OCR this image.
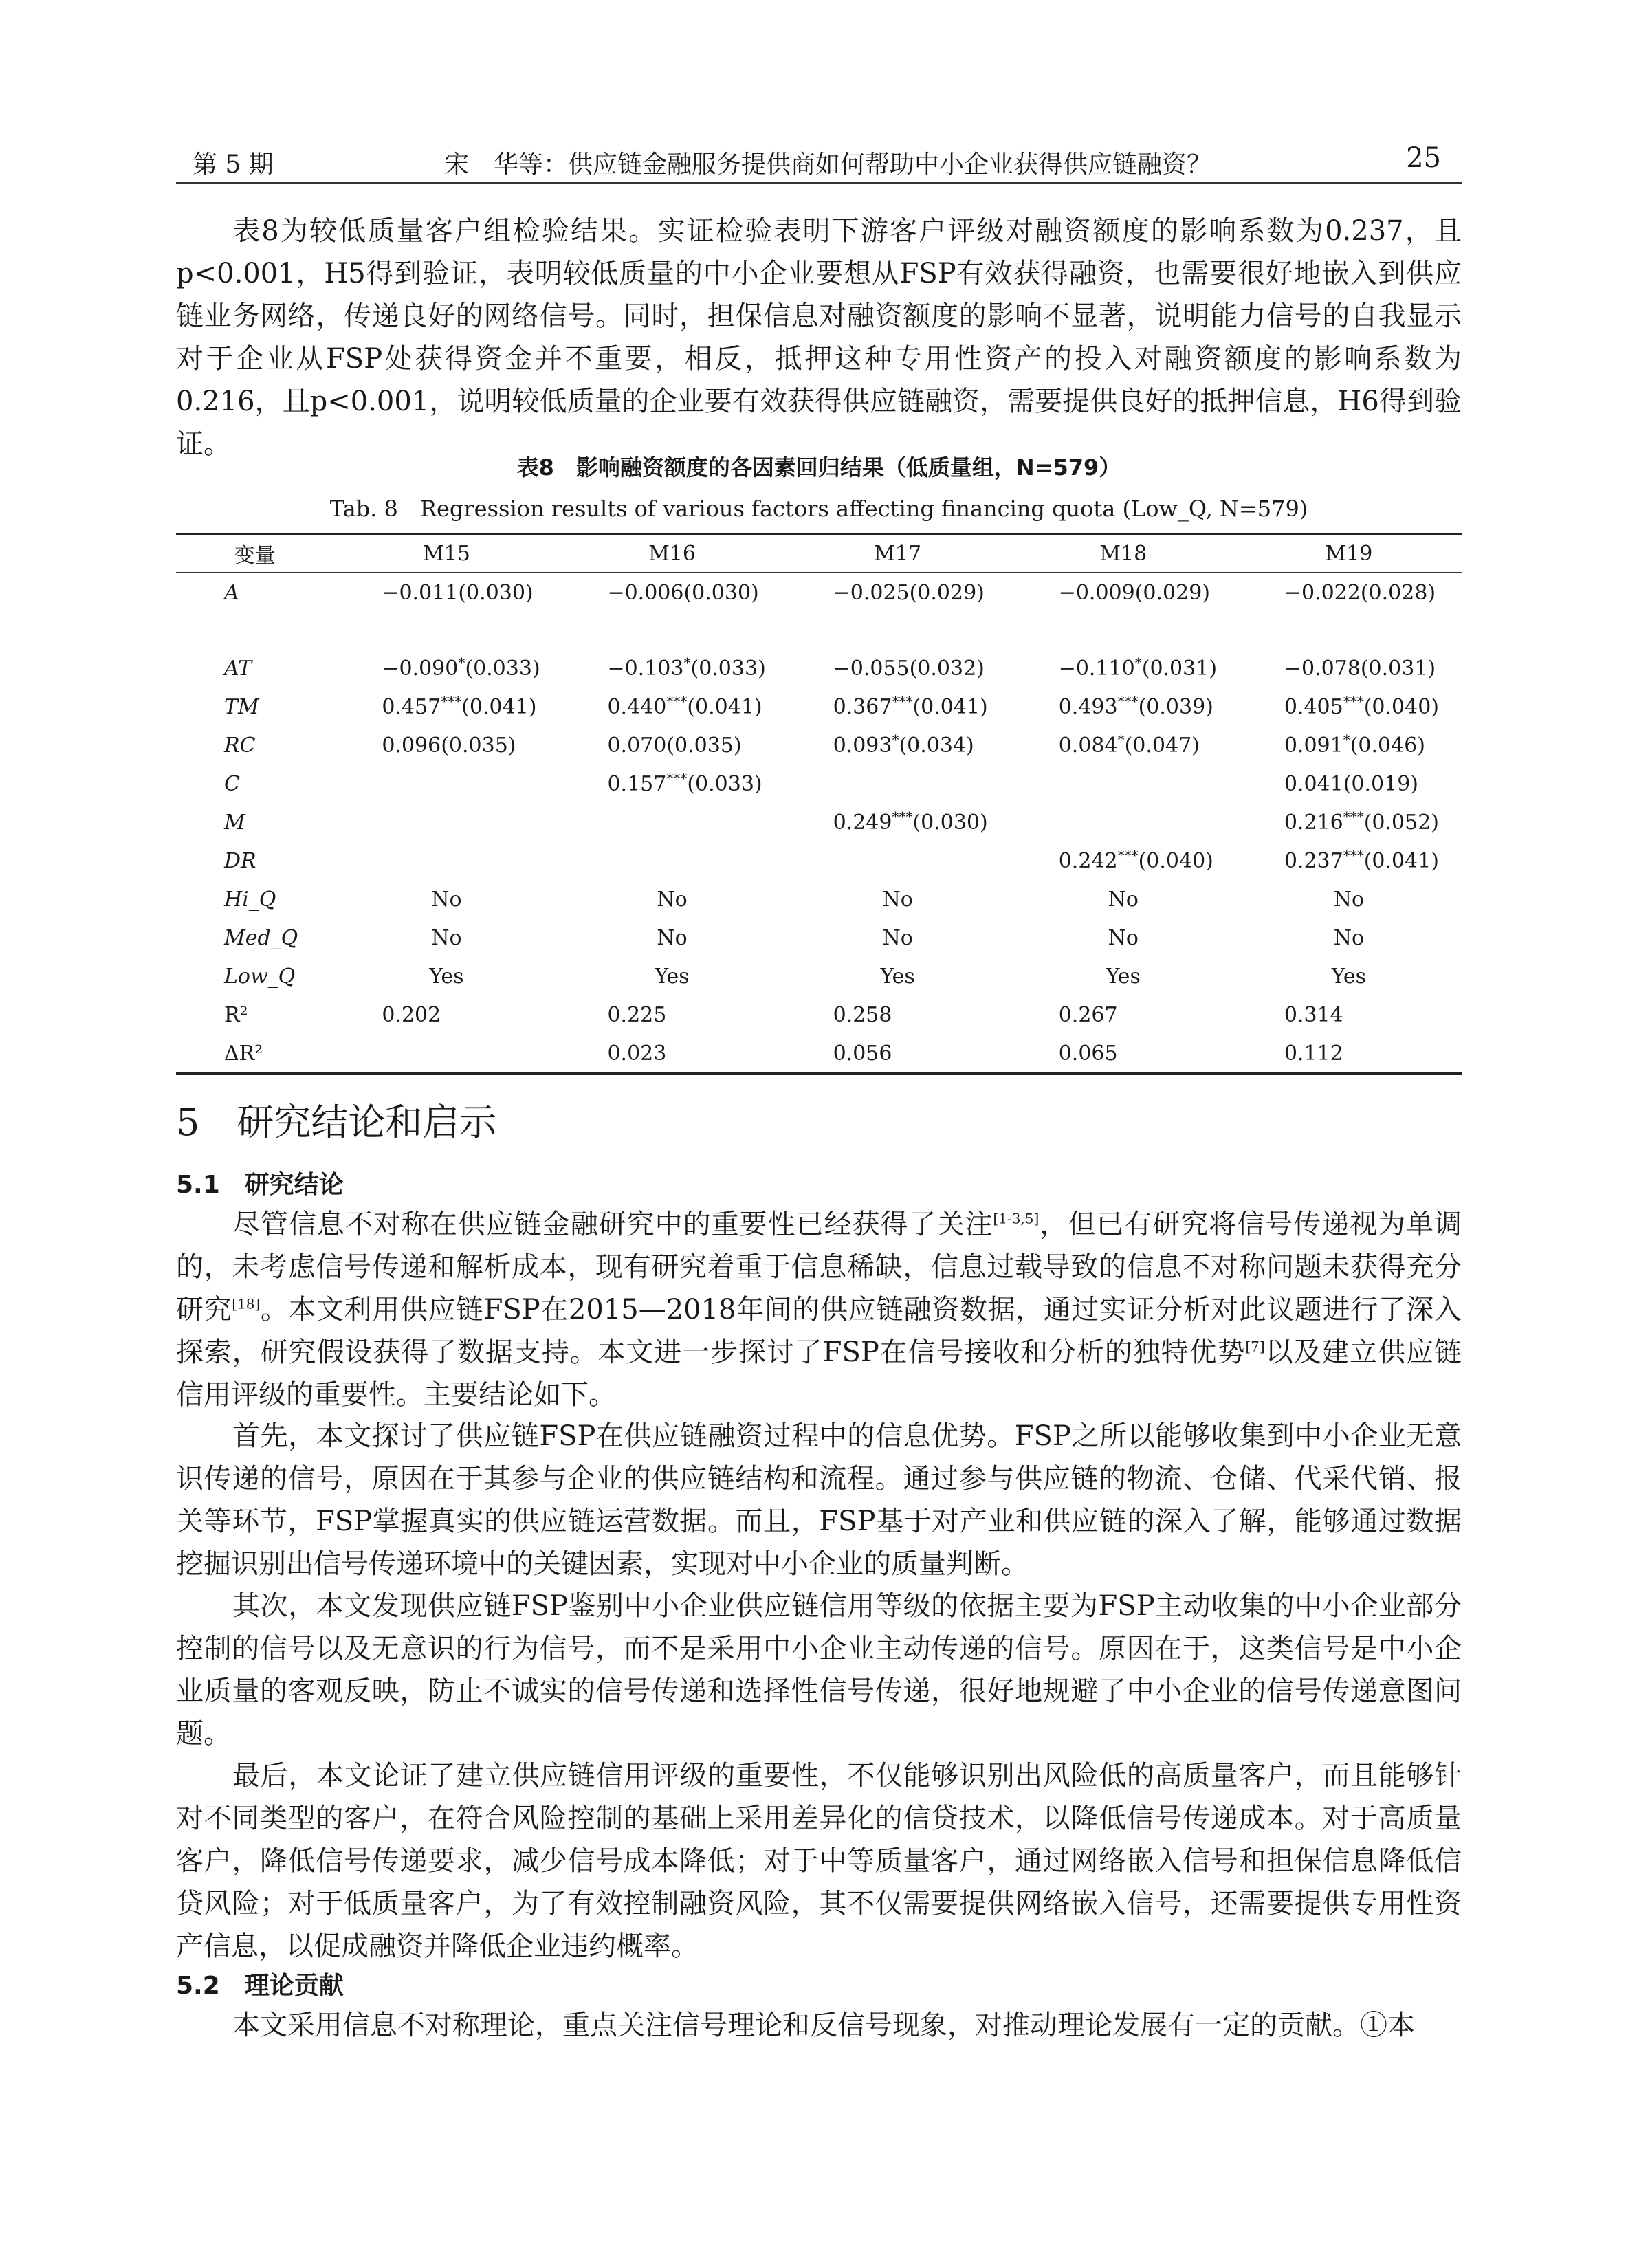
第 5 期	宋　华等：供应链金融服务提供商如何帮助中小企业获得供应链融资？	25

表8为较低质量客户组检验结果。实证检验表明下游客户评级对融资额度的影响系数为0.237，且p<0.001，H5得到验证，表明较低质量的中小企业要想从FSP有效获得融资，也需要很好地嵌入到供应链业务网络，传递良好的网络信号。同时，担保信息对融资额度的影响不显著，说明能力信号的自我显示对于企业从FSP处获得资金并不重要，相反，抵押这种专用性资产的投入对融资额度的影响系数为0.216，且p<0.001，说明较低质量的企业要有效获得供应链融资，需要提供良好的抵押信息，H6得到验证。

表8　影响融资额度的各因素回归结果（低质量组，N=579）
Tab. 8　Regression results of various factors affecting financing quota (Low_Q, N=579)
变量	M15	M16	M17	M18	M19
A	−0.011(0.030)	−0.006(0.030)	−0.025(0.029)	−0.009(0.029)	−0.022(0.028)

AT	−0.090*(0.033)	−0.103*(0.033)	−0.055(0.032)	−0.110*(0.031)	−0.078(0.031)
TM	0.457***(0.041)	0.440***(0.041)	0.367***(0.041)	0.493***(0.039)	0.405***(0.040)
RC	0.096(0.035)	0.070(0.035)	0.093*(0.034)	0.084*(0.047)	0.091*(0.046)
C		0.157***(0.033)			0.041(0.019)
M			0.249***(0.030)		0.216***(0.052)
DR				0.242***(0.040)	0.237***(0.041)
Hi_Q	No	No	No	No	No
Med_Q	No	No	No	No	No
Low_Q	Yes	Yes	Yes	Yes	Yes
R²	0.202	0.225	0.258	0.267	0.314
ΔR²		0.023	0.056	0.065	0.112
5　研究结论和启示
5.1　研究结论

尽管信息不对称在供应链金融研究中的重要性已经获得了关注[1-3,5]，但已有研究将信号传递视为单调的，未考虑信号传递和解析成本，现有研究着重于信息稀缺，信息过载导致的信息不对称问题未获得充分研究[18]。本文利用供应链FSP在2015—2018年间的供应链融资数据，通过实证分析对此议题进行了深入探索，研究假设获得了数据支持。本文进一步探讨了FSP在信号接收和分析的独特优势[7]以及建立供应链信用评级的重要性。主要结论如下。

首先，本文探讨了供应链FSP在供应链融资过程中的信息优势。FSP之所以能够收集到中小企业无意识传递的信号，原因在于其参与企业的供应链结构和流程。通过参与供应链的物流、仓储、代采代销、报关等环节，FSP掌握真实的供应链运营数据。而且，FSP基于对产业和供应链的深入了解，能够通过数据挖掘识别出信号传递环境中的关键因素，实现对中小企业的质量判断。

其次，本文发现供应链FSP鉴别中小企业供应链信用等级的依据主要为FSP主动收集的中小企业部分控制的信号以及无意识的行为信号，而不是采用中小企业主动传递的信号。原因在于，这类信号是中小企业质量的客观反映，防止不诚实的信号传递和选择性信号传递，很好地规避了中小企业的信号传递意图问题。

最后，本文论证了建立供应链信用评级的重要性，不仅能够识别出风险低的高质量客户，而且能够针对不同类型的客户，在符合风险控制的基础上采用差异化的信贷技术，以降低信号传递成本。对于高质量客户，降低信号传递要求，减少信号成本降低；对于中等质量客户，通过网络嵌入信号和担保信息降低信贷风险；对于低质量客户，为了有效控制融资风险，其不仅需要提供网络嵌入信号，还需要提供专用性资产信息，以促成融资并降低企业违约概率。

5.2　理论贡献

本文采用信息不对称理论，重点关注信号理论和反信号现象，对推动理论发展有一定的贡献。①本
